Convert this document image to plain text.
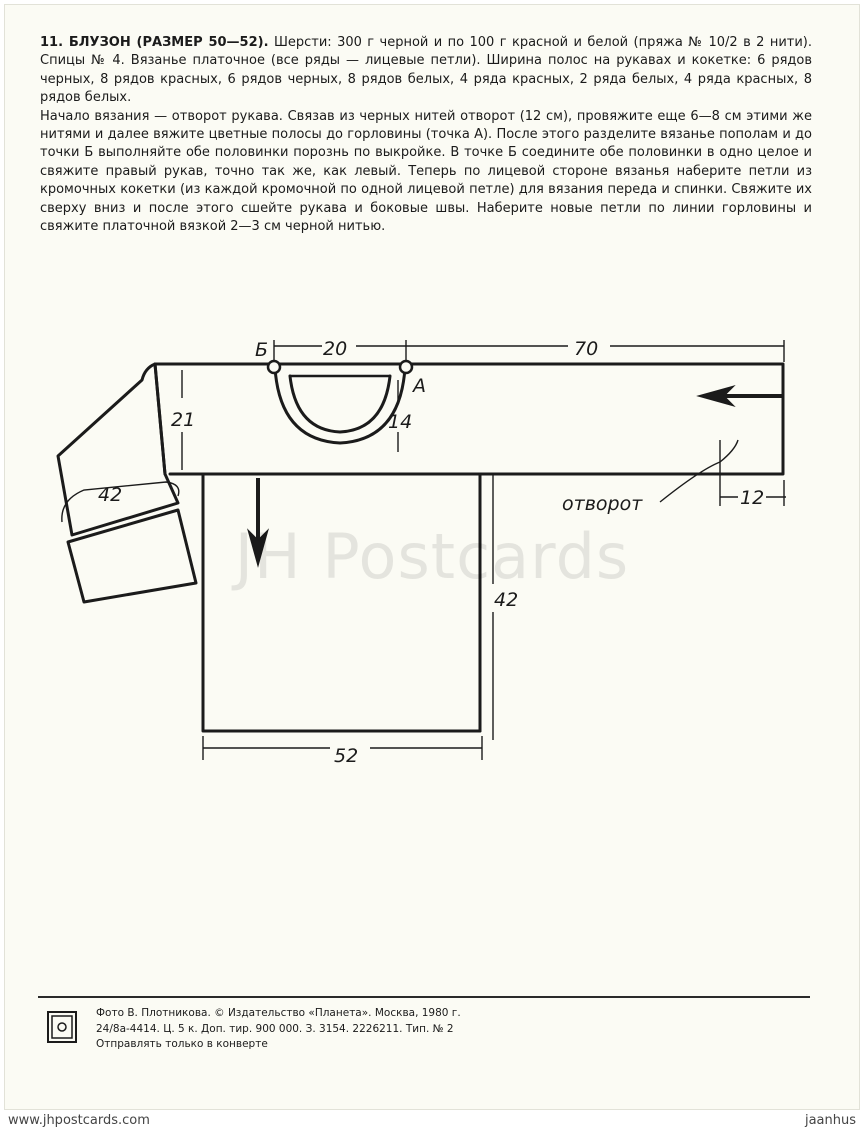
11. БЛУЗОН (РАЗМЕР 50—52). Шерсти: 300 г черной и по 100 г красной и белой (пряжа № 10/2 в 2 нити). Спицы № 4. Вязанье платочное (все ряды — лицевые петли). Ширина полос на рукавах и кокетке: 6 рядов черных, 8 рядов красных, 6 рядов черных, 8 рядов белых, 4 ряда красных, 2 ряда белых, 4 ряда красных, 8 рядов белых.

Начало вязания — отворот рукава. Связав из черных нитей отворот (12 см), провяжите еще 6—8 см этими же нитями и далее вяжите цветные полосы до горловины (точка А). После этого разделите вязанье пополам и до точки Б выполняйте обе половинки порознь по выкройке. В точке Б соедините обе половинки в одно целое и свяжите правый рукав, точно так же, как левый. Теперь по лицевой стороне вязанья наберите петли из кромочных кокетки (из каждой кромочной по одной лицевой петле) для вязания переда и спинки. Свяжите их сверху вниз и после этого сшейте рукава и боковые швы. Наберите новые петли по линии горловины и свяжите платочной вязкой 2—3 см черной нитью.

Б
А
20	70
21	14
42	12
отворот
42
52
JH Postcards
Фото В. Плотникова. © Издательство «Планета». Москва, 1980 г.
24/8а-4414. Ц. 5 к. Доп. тир. 900 000. З. 3154. 2226211. Тип. № 2
Отправлять только в конверте
www.jhpostcards.com	jaanhus
